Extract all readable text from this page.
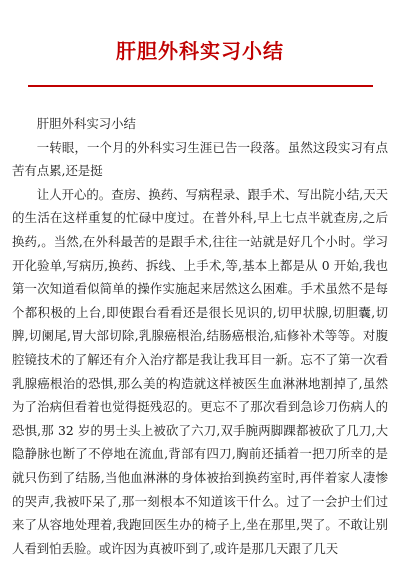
肝胆外科实习小结

肝胆外科实习小结

一转眼，一个月的外科实习生涯已告一段落。虽然这段实习有点苦有点累,还是挺

让人开心的。查房、换药、写病程录、跟手术、写出院小结,天天的生活在这样重复的忙碌中度过。在普外科,早上七点半就查房,之后换药,。当然,在外科最苦的是跟手术,往往一站就是好几个小时。学习开化验单,写病历,换药、拆线、上手术,等,基本上都是从 0 开始,我也第一次知道看似简单的操作实施起来居然这么困难。手术虽然不是每个都积极的上台,即使跟台看看还是很长见识的,切甲状腺,切胆囊,切脾,切阑尾,胃大部切除,乳腺癌根治,结肠癌根治,疝修补术等等。对腹腔镜技术的了解还有介入治疗都是我让我耳目一新。忘不了第一次看乳腺癌根治的恐惧,那么美的构造就这样被医生血淋淋地割掉了,虽然为了治病但看着也觉得挺残忍的。更忘不了那次看到急诊刀伤病人的恐惧,那 32 岁的男士头上被砍了六刀,双手腕两脚踝都被砍了几刀,大隐静脉也断了不停地在流血,背部有四刀,胸前还插着一把刀所幸的是就只伤到了结肠,当他血淋淋的身体被抬到换药室时,再伴着家人凄惨的哭声,我被吓呆了,那一刻根本不知道该干什么。过了一会护士们过来了从容地处理着,我跑回医生办的椅子上,坐在那里,哭了。不敢让别人看到怕丢脸。或许因为真被吓到了,或许是那几天跟了几天
